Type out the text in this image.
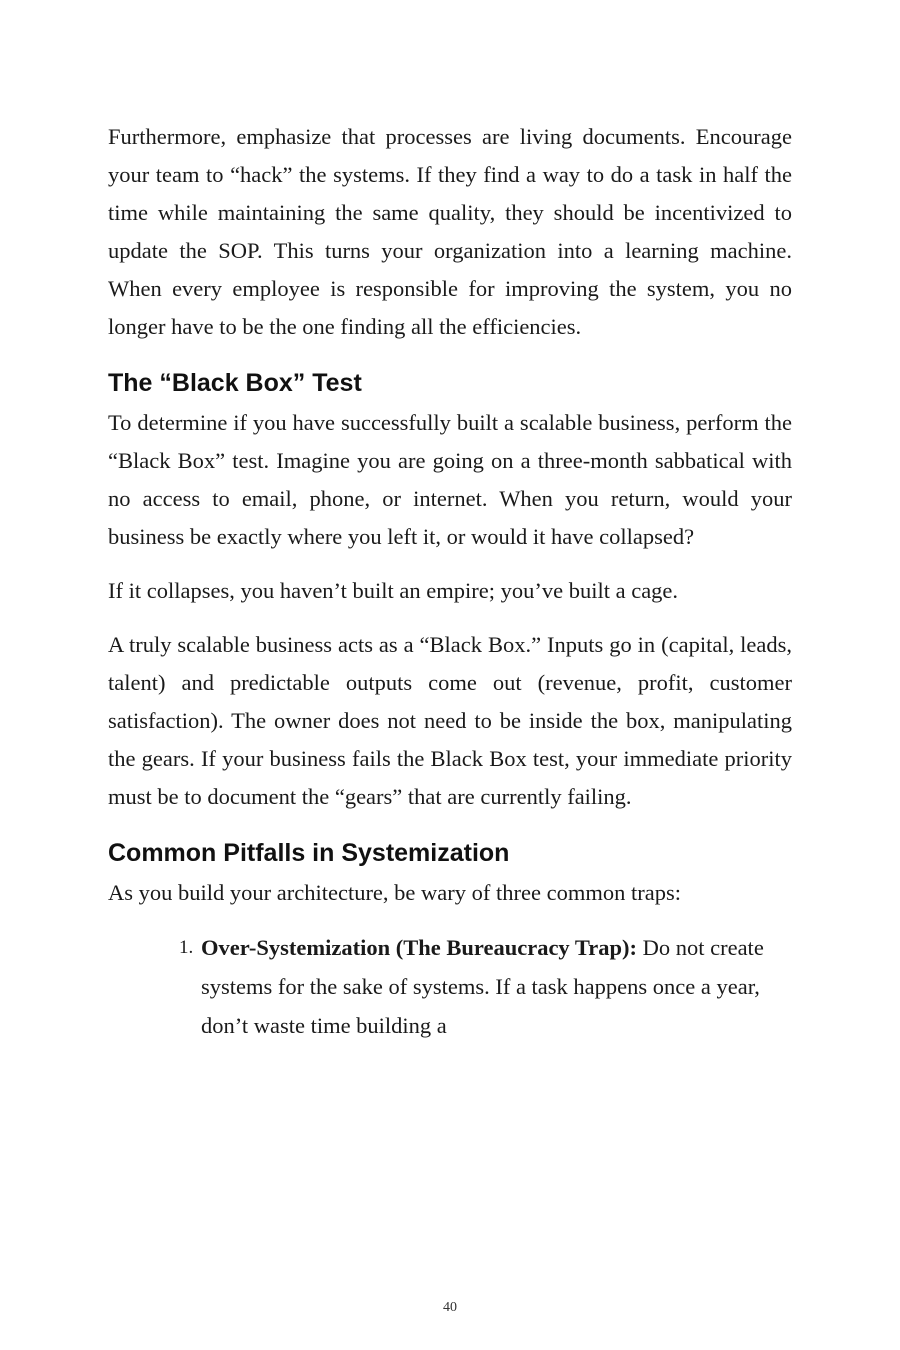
Furthermore, emphasize that processes are living documents. Encourage your team to “hack” the systems. If they find a way to do a task in half the time while maintaining the same quality, they should be incentivized to update the SOP. This turns your organization into a learning machine. When every employee is responsible for improving the system, you no longer have to be the one finding all the efficiencies.

The “Black Box” Test

To determine if you have successfully built a scalable business, perform the “Black Box” test. Imagine you are going on a three-month sabbatical with no access to email, phone, or internet. When you return, would your business be exactly where you left it, or would it have collapsed?

If it collapses, you haven’t built an empire; you’ve built a cage.

A truly scalable business acts as a “Black Box.” Inputs go in (capital, leads, talent) and predictable outputs come out (revenue, profit, customer satisfaction). The owner does not need to be inside the box, manipulating the gears. If your business fails the Black Box test, your immediate priority must be to document the “gears” that are currently failing.

Common Pitfalls in Systemization

As you build your architecture, be wary of three common traps:

1. Over-Systemization (The Bureaucracy Trap): Do not create systems for the sake of systems. If a task happens once a year, don’t waste time building a
40
